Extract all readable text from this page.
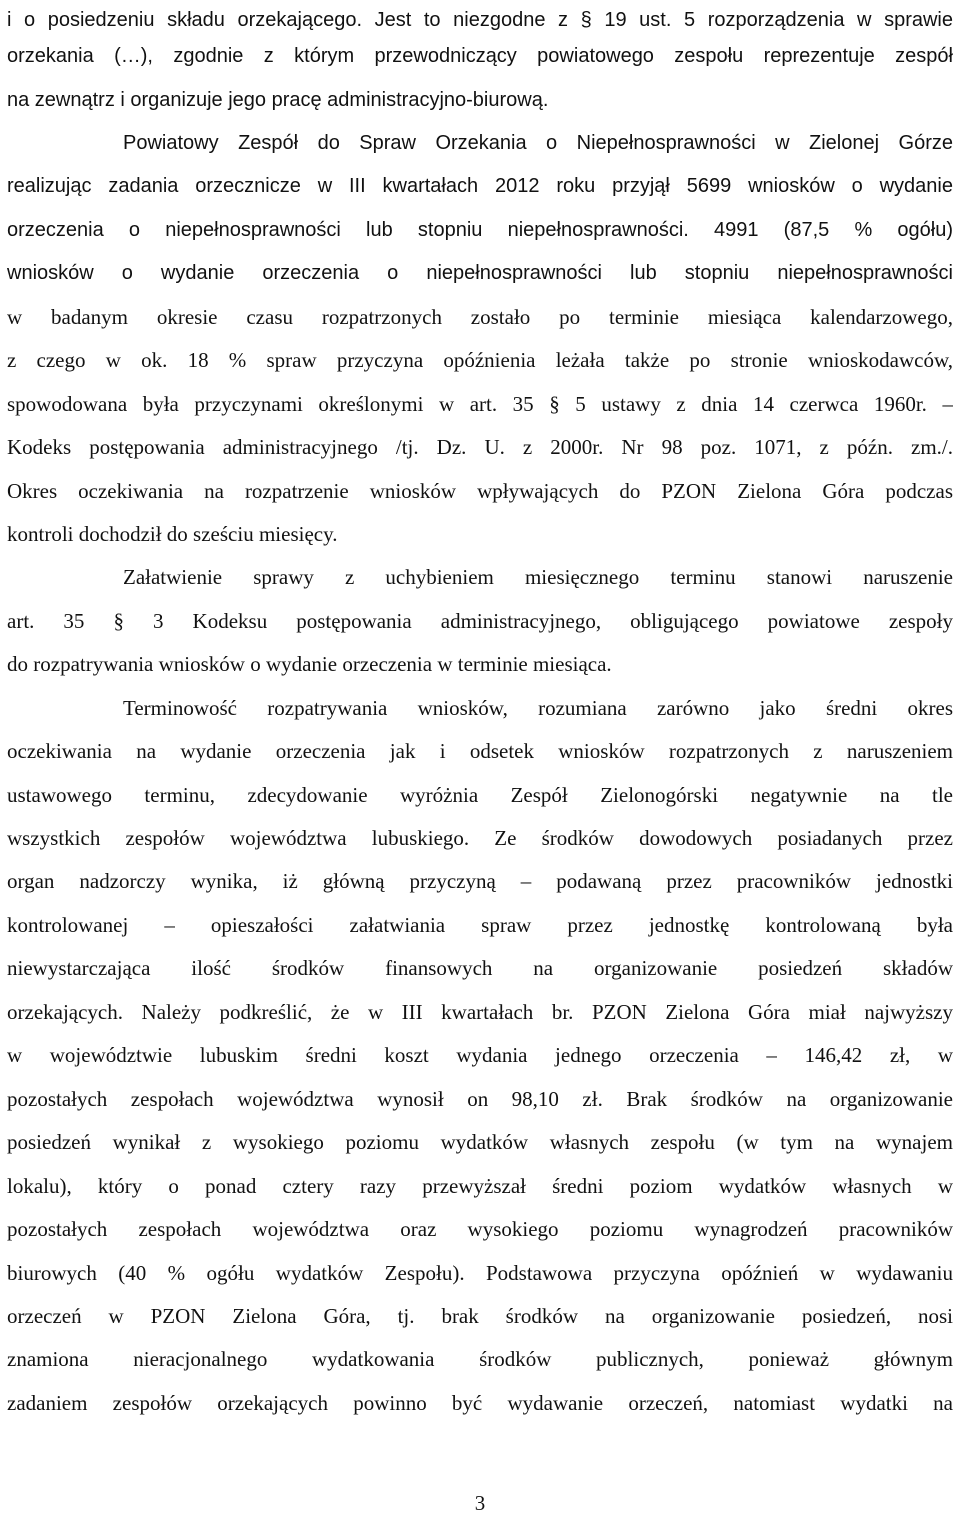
i o posiedzeniu składu orzekającego. Jest to niezgodne z § 19 ust. 5 rozporządzenia w sprawie
orzekania (…), zgodnie z którym przewodniczący powiatowego zespołu reprezentuje zespół
na zewnątrz i organizuje jego pracę administracyjno-biurową.
Powiatowy Zespół do Spraw Orzekania o Niepełnosprawności w Zielonej Górze
realizując zadania orzecznicze w III kwartałach 2012 roku przyjął 5699 wniosków o wydanie
orzeczenia o niepełnosprawności lub stopniu niepełnosprawności. 4991 (87,5 % ogółu)
wniosków o wydanie orzeczenia o niepełnosprawności lub stopniu niepełnosprawności
w badanym okresie czasu rozpatrzonych zostało po terminie miesiąca kalendarzowego,
z czego w ok. 18 % spraw przyczyna opóźnienia leżała także po stronie wnioskodawców,
spowodowana była przyczynami określonymi w art. 35 § 5 ustawy z dnia 14 czerwca 1960r. –
Kodeks postępowania administracyjnego /tj. Dz. U. z 2000r. Nr 98 poz. 1071, z późn. zm./.
Okres oczekiwania na rozpatrzenie wniosków wpływających do PZON Zielona Góra podczas
kontroli dochodził do sześciu miesięcy.
Załatwienie sprawy z uchybieniem miesięcznego terminu stanowi naruszenie
art. 35 § 3 Kodeksu postępowania administracyjnego, obligującego powiatowe zespoły
do rozpatrywania wniosków o wydanie orzeczenia w terminie miesiąca.
Terminowość rozpatrywania wniosków, rozumiana zarówno jako średni okres
oczekiwania na wydanie orzeczenia jak i odsetek wniosków rozpatrzonych z naruszeniem
ustawowego terminu, zdecydowanie wyróżnia Zespół Zielonogórski negatywnie na tle
wszystkich zespołów województwa lubuskiego. Ze środków dowodowych posiadanych przez
organ nadzorczy wynika, iż główną przyczyną – podawaną przez pracowników jednostki
kontrolowanej – opieszałości załatwiania spraw przez jednostkę kontrolowaną była
niewystarczająca ilość środków finansowych na organizowanie posiedzeń składów
orzekających. Należy podkreślić, że w III kwartałach br. PZON Zielona Góra miał najwyższy
w województwie lubuskim średni koszt wydania jednego orzeczenia – 146,42 zł, w
pozostałych zespołach województwa wynosił on 98,10 zł. Brak środków na organizowanie
posiedzeń wynikał z wysokiego poziomu wydatków własnych zespołu (w tym na wynajem
lokalu), który o ponad cztery razy przewyższał średni poziom wydatków własnych w
pozostałych zespołach województwa oraz wysokiego poziomu wynagrodzeń pracowników
biurowych (40 % ogółu wydatków Zespołu). Podstawowa przyczyna opóźnień w wydawaniu
orzeczeń w PZON Zielona Góra, tj. brak środków na organizowanie posiedzeń, nosi
znamiona nieracjonalnego wydatkowania środków publicznych, ponieważ głównym
zadaniem zespołów orzekających powinno być wydawanie orzeczeń, natomiast wydatki na
3
